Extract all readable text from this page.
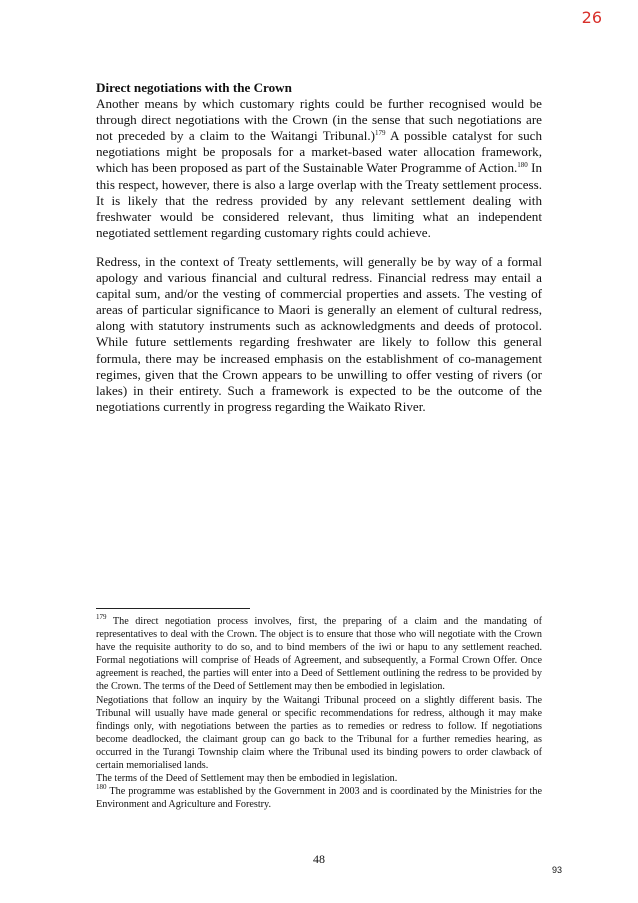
26
Direct negotiations with the Crown
Another means by which customary rights could be further recognised would be through direct negotiations with the Crown (in the sense that such negotiations are not preceded by a claim to the Waitangi Tribunal.)$^{179}$ A possible catalyst for such negotiations might be proposals for a market-based water allocation framework, which has been proposed as part of the Sustainable Water Programme of Action.$^{180}$ In this respect, however, there is also a large overlap with the Treaty settlement process. It is likely that the redress provided by any relevant settlement dealing with freshwater would be considered relevant, thus limiting what an independent negotiated settlement regarding customary rights could achieve.
Redress, in the context of Treaty settlements, will generally be by way of a formal apology and various financial and cultural redress. Financial redress may entail a capital sum, and/or the vesting of commercial properties and assets. The vesting of areas of particular significance to Maori is generally an element of cultural redress, along with statutory instruments such as acknowledgments and deeds of protocol. While future settlements regarding freshwater are likely to follow this general formula, there may be increased emphasis on the establishment of co-management regimes, given that the Crown appears to be unwilling to offer vesting of rivers (or lakes) in their entirety. Such a framework is expected to be the outcome of the negotiations currently in progress regarding the Waikato River.

$^{179}$ The direct negotiation process involves, first, the preparing of a claim and the mandating of representatives to deal with the Crown. The object is to ensure that those who will negotiate with the Crown have the requisite authority to do so, and to bind members of the iwi or hapu to any settlement reached. Formal negotiations will comprise of Heads of Agreement, and subsequently, a Formal Crown Offer. Once agreement is reached, the parties will enter into a Deed of Settlement outlining the redress to be provided by the Crown. The terms of the Deed of Settlement may then be embodied in legislation.

Negotiations that follow an inquiry by the Waitangi Tribunal proceed on a slightly different basis. The Tribunal will usually have made general or specific recommendations for redress, although it may make findings only, with negotiations between the parties as to remedies or redress to follow. If negotiations become deadlocked, the claimant group can go back to the Tribunal for a further remedies hearing, as occurred in the Turangi Township claim where the Tribunal used its binding powers to order clawback of certain memorialised lands.

The terms of the Deed of Settlement may then be embodied in legislation.

$^{180}$ The programme was established by the Government in 2003 and is coordinated by the Ministries for the Environment and Agriculture and Forestry.

48
93
